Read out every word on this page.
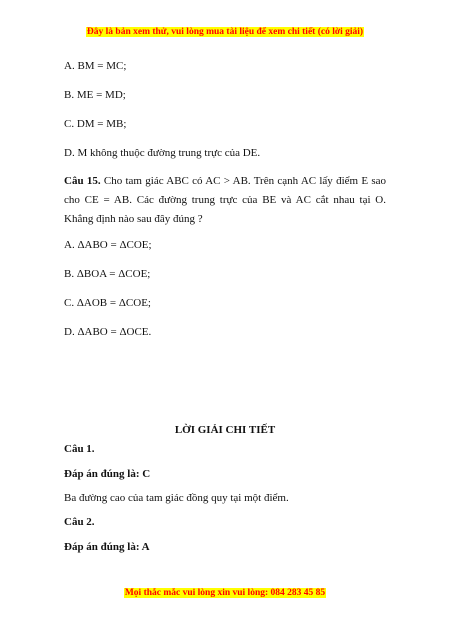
Đây là bản xem thử, vui lòng mua tài liệu để xem chi tiết (có lời giải)
A. BM = MC;
B. ME = MD;
C. DM = MB;
D. M không thuộc đường trung trực của DE.
Câu 15. Cho tam giác ABC có AC > AB. Trên cạnh AC lấy điểm E sao cho CE = AB. Các đường trung trực của BE và AC cắt nhau tại O. Khẳng định nào sau đây đúng ?
A. ΔABO = ΔCOE;
B. ΔBOA = ΔCOE;
C. ΔAOB = ΔCOE;
D. ΔABO = ΔOCE.
LỜI GIẢI CHI TIẾT
Câu 1.
Đáp án đúng là: C
Ba đường cao của tam giác đồng quy tại một điểm.
Câu 2.
Đáp án đúng là: A
Mọi thắc mắc vui lòng xin vui lòng: 084 283 45 85
